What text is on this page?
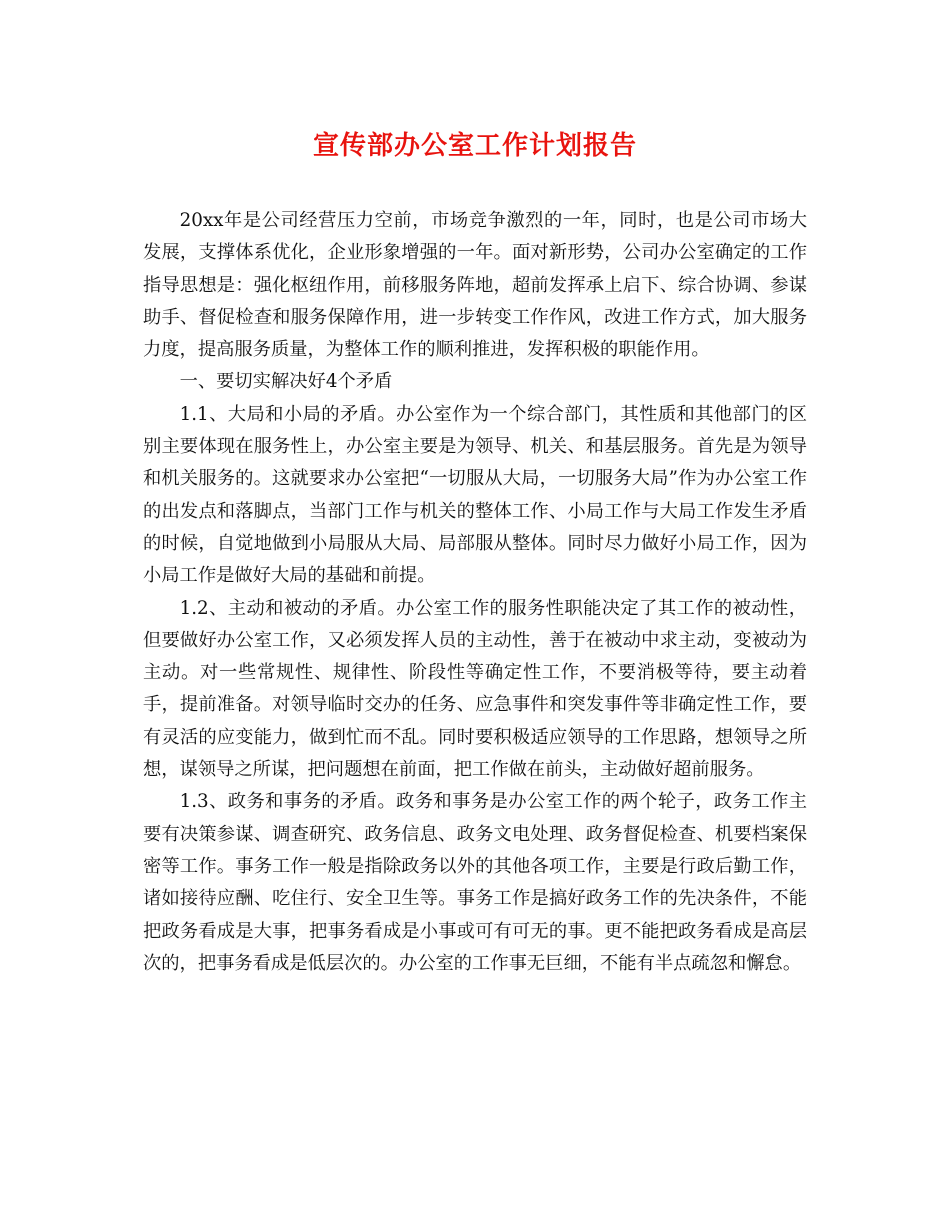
宣传部办公室工作计划报告

20xx年是公司经营压力空前，市场竞争激烈的一年，同时，也是公司市场大发展，支撑体系优化，企业形象增强的一年。面对新形势，公司办公室确定的工作指导思想是：强化枢纽作用，前移服务阵地，超前发挥承上启下、综合协调、参谋助手、督促检查和服务保障作用，进一步转变工作作风，改进工作方式，加大服务力度，提高服务质量，为整体工作的顺利推进，发挥积极的职能作用。

一、要切实解决好4个矛盾

1.1、大局和小局的矛盾。办公室作为一个综合部门，其性质和其他部门的区别主要体现在服务性上，办公室主要是为领导、机关、和基层服务。首先是为领导和机关服务的。这就要求办公室把“一切服从大局，一切服务大局”作为办公室工作的出发点和落脚点，当部门工作与机关的整体工作、小局工作与大局工作发生矛盾的时候，自觉地做到小局服从大局、局部服从整体。同时尽力做好小局工作，因为小局工作是做好大局的基础和前提。

1.2、主动和被动的矛盾。办公室工作的服务性职能决定了其工作的被动性，但要做好办公室工作，又必须发挥人员的主动性，善于在被动中求主动，变被动为主动。对一些常规性、规律性、阶段性等确定性工作，不要消极等待，要主动着手，提前准备。对领导临时交办的任务、应急事件和突发事件等非确定性工作，要有灵活的应变能力，做到忙而不乱。同时要积极适应领导的工作思路，想领导之所想，谋领导之所谋，把问题想在前面，把工作做在前头，主动做好超前服务。

1.3、政务和事务的矛盾。政务和事务是办公室工作的两个轮子，政务工作主要有决策参谋、调查研究、政务信息、政务文电处理、政务督促检查、机要档案保密等工作。事务工作一般是指除政务以外的其他各项工作，主要是行政后勤工作，诸如接待应酬、吃住行、安全卫生等。事务工作是搞好政务工作的先决条件，不能把政务看成是大事，把事务看成是小事或可有可无的事。更不能把政务看成是高层次的，把事务看成是低层次的。办公室的工作事无巨细，不能有半点疏忽和懈怠。
